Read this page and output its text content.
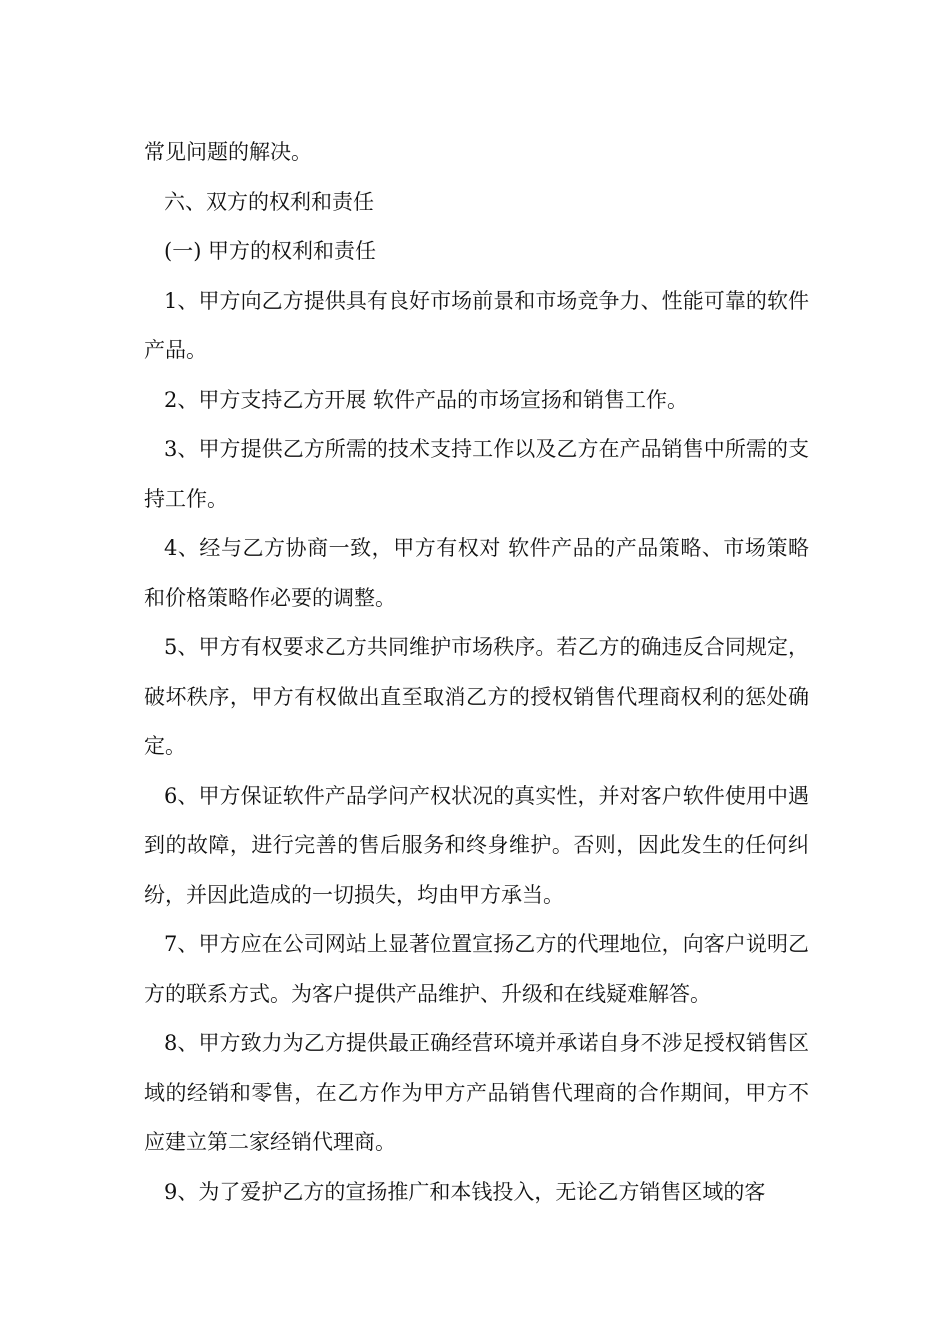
常见问题的解决。

六、双方的权利和责任

(一) 甲方的权利和责任

1、甲方向乙方提供具有良好市场前景和市场竞争力、性能可靠的软件产品。

2、甲方支持乙方开展 软件产品的市场宣扬和销售工作。

3、甲方提供乙方所需的技术支持工作以及乙方在产品销售中所需的支持工作。

4、经与乙方协商一致，甲方有权对 软件产品的产品策略、市场策略和价格策略作必要的调整。

5、甲方有权要求乙方共同维护市场秩序。若乙方的确违反合同规定，破坏秩序，甲方有权做出直至取消乙方的授权销售代理商权利的惩处确定。

6、甲方保证软件产品学问产权状况的真实性，并对客户软件使用中遇到的故障，进行完善的售后服务和终身维护。否则，因此发生的任何纠纷，并因此造成的一切损失，均由甲方承当。

7、甲方应在公司网站上显著位置宣扬乙方的代理地位，向客户说明乙方的联系方式。为客户提供产品维护、升级和在线疑难解答。

8、甲方致力为乙方提供最正确经营环境并承诺自身不涉足授权销售区域的经销和零售，在乙方作为甲方产品销售代理商的合作期间，甲方不应建立第二家经销代理商。

9、为了爱护乙方的宣扬推广和本钱投入，无论乙方销售区域的客
